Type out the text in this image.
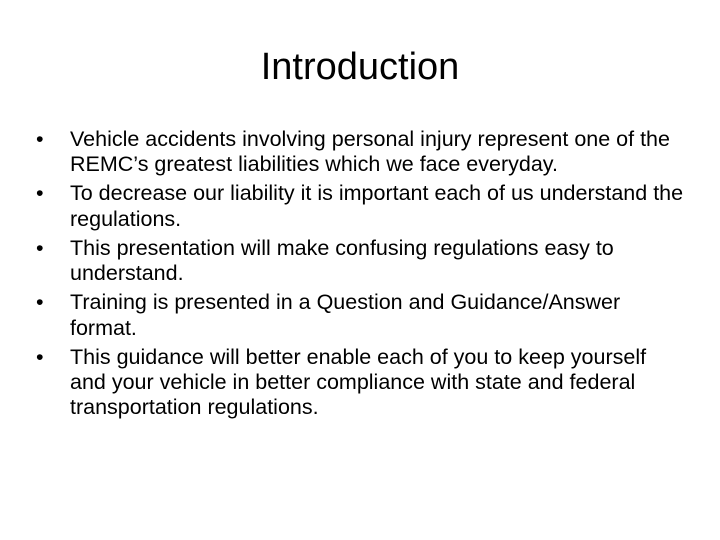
Introduction
•	Vehicle accidents involving personal injury represent one of the REMC’s greatest liabilities which we face everyday.
•	To decrease our liability it is important each of us understand the regulations.
•	This presentation will make confusing regulations easy to understand.
•	Training is presented in a Question and Guidance/Answer format.
•	This guidance will better enable each of you to keep yourself and your vehicle in better compliance with state and federal transportation regulations.
